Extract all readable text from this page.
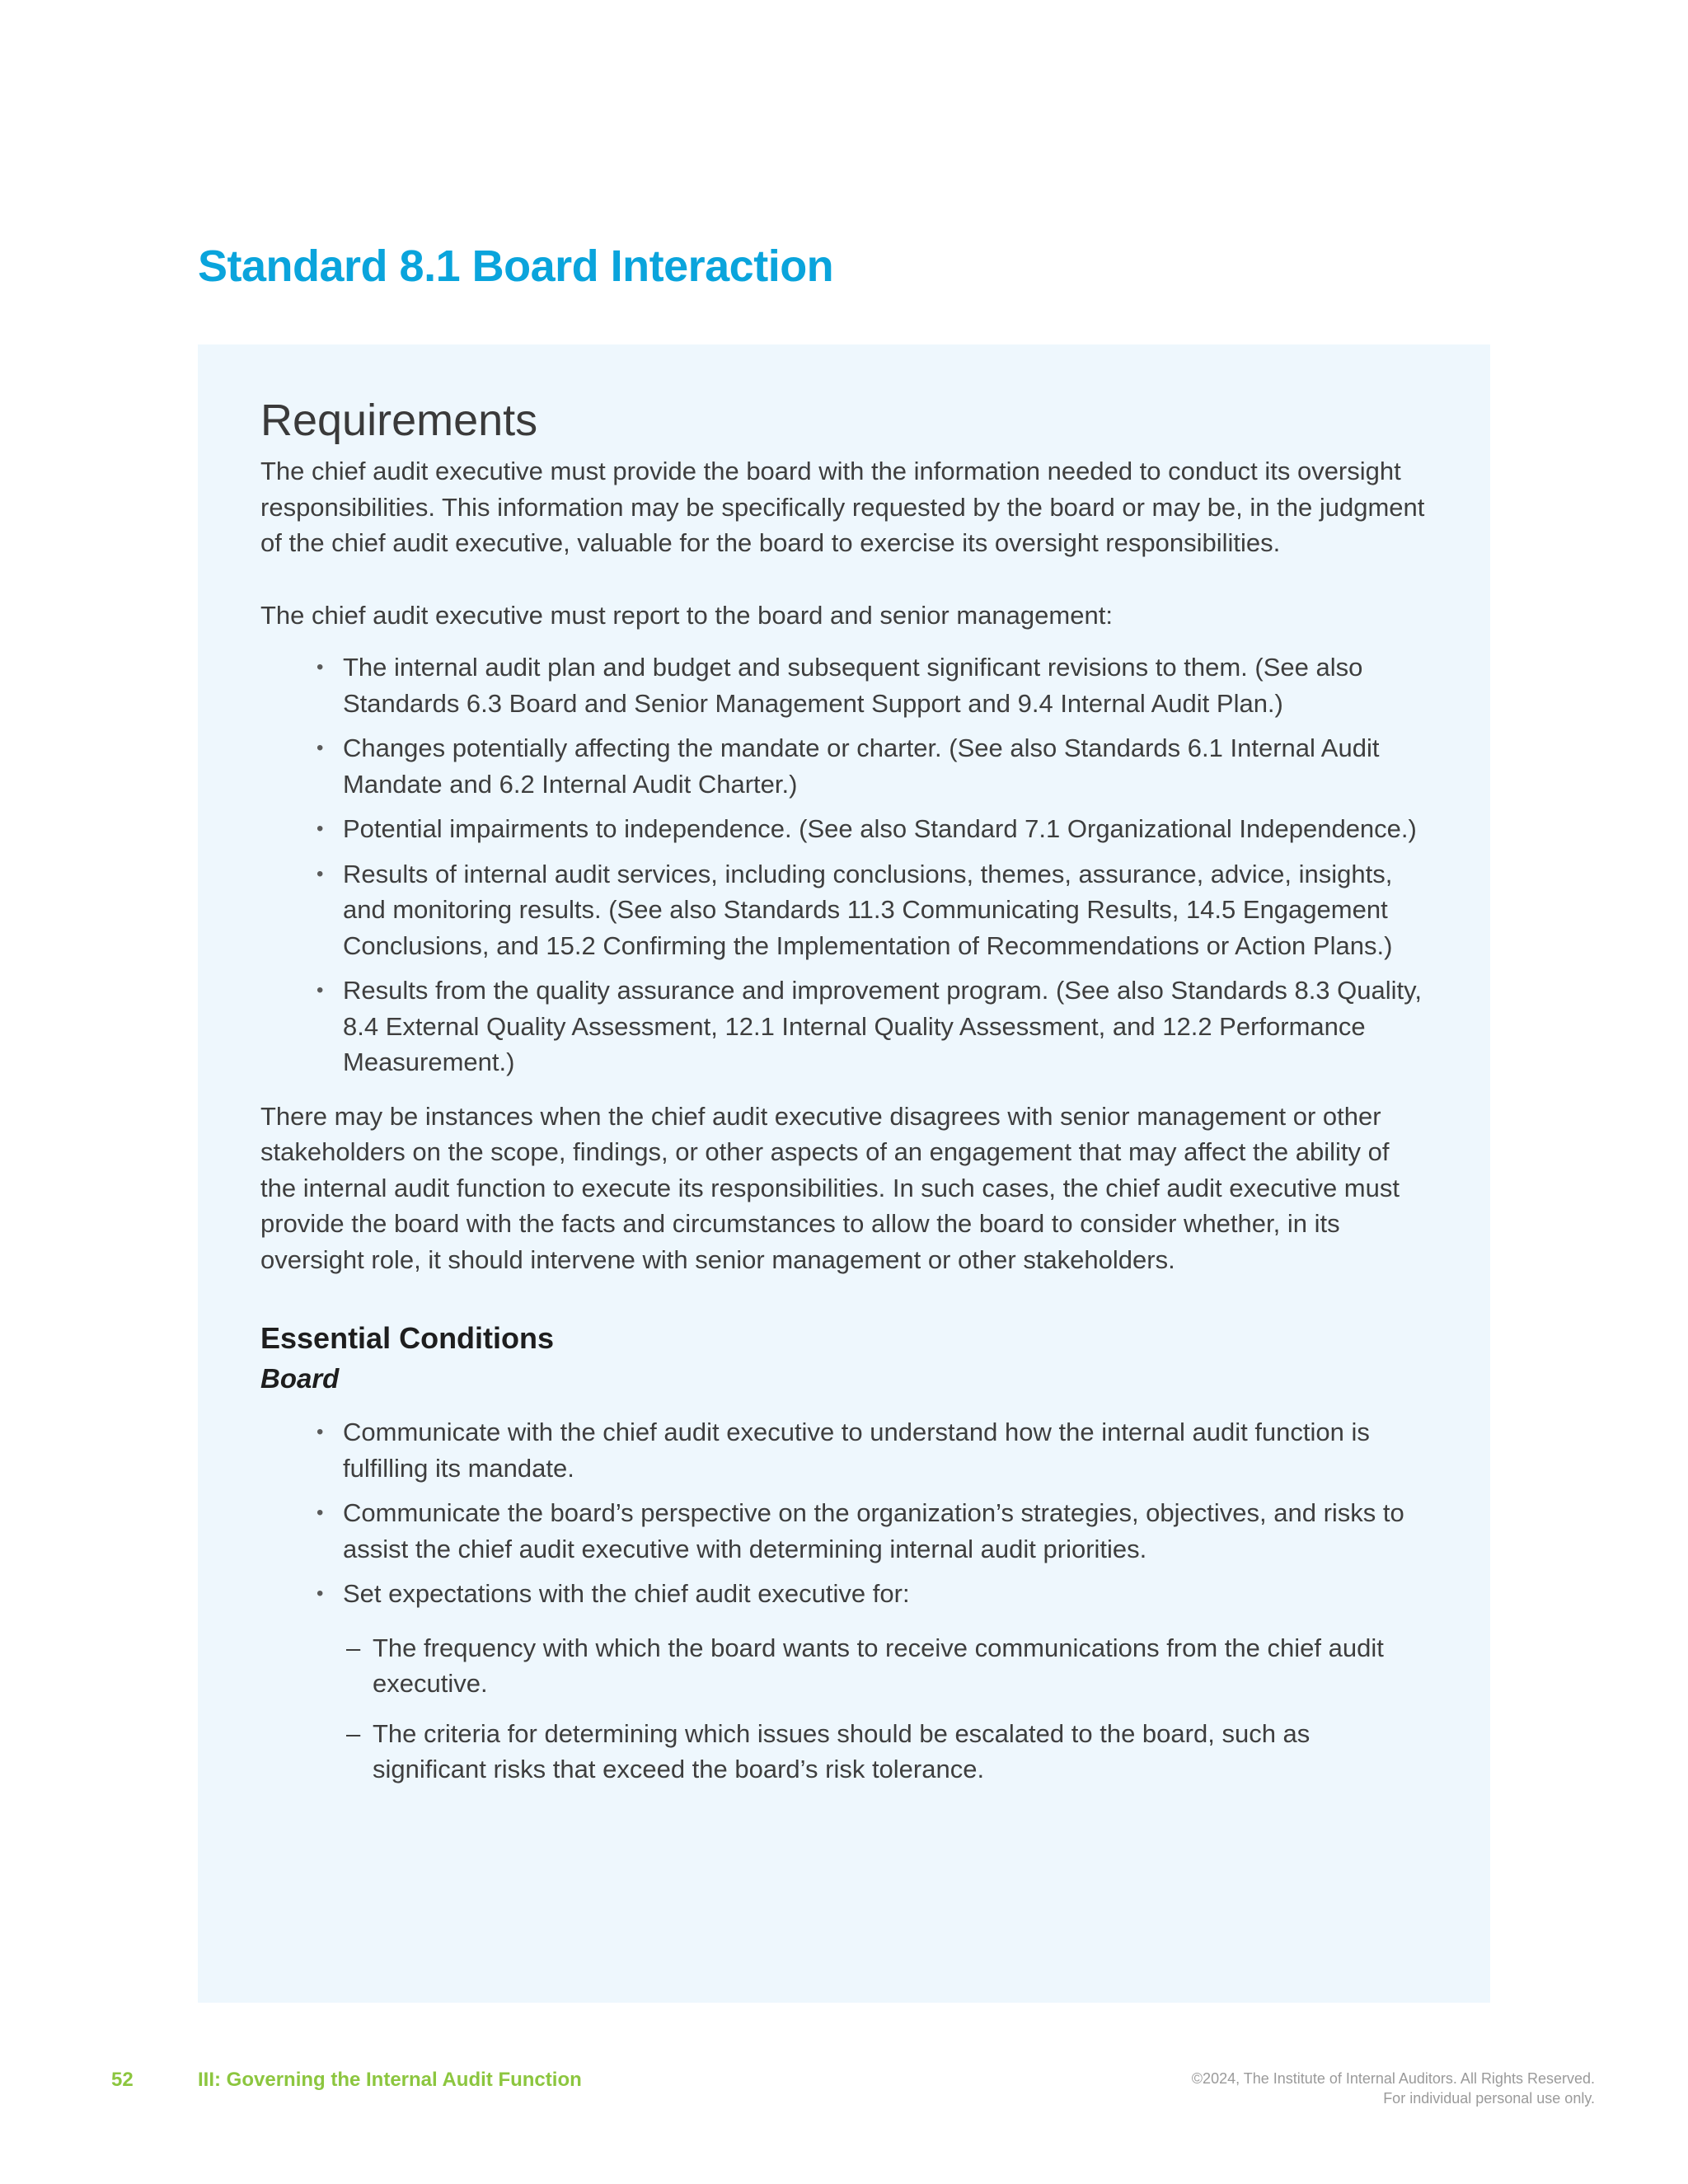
Standard 8.1 Board Interaction
Requirements

The chief audit executive must provide the board with the information needed to conduct its oversight responsibilities. This information may be specifically requested by the board or may be, in the judgment of the chief audit executive, valuable for the board to exercise its oversight responsibilities.

The chief audit executive must report to the board and senior management:

• The internal audit plan and budget and subsequent significant revisions to them. (See also Standards 6.3 Board and Senior Management Support and 9.4 Internal Audit Plan.)
• Changes potentially affecting the mandate or charter. (See also Standards 6.1 Internal Audit Mandate and 6.2 Internal Audit Charter.)
• Potential impairments to independence. (See also Standard 7.1 Organizational Independence.)
• Results of internal audit services, including conclusions, themes, assurance, advice, insights, and monitoring results. (See also Standards 11.3 Communicating Results, 14.5 Engagement Conclusions, and 15.2 Confirming the Implementation of Recommendations or Action Plans.)
• Results from the quality assurance and improvement program. (See also Standards 8.3 Quality, 8.4 External Quality Assessment, 12.1 Internal Quality Assessment, and 12.2 Performance Measurement.)

There may be instances when the chief audit executive disagrees with senior management or other stakeholders on the scope, findings, or other aspects of an engagement that may affect the ability of the internal audit function to execute its responsibilities. In such cases, the chief audit executive must provide the board with the facts and circumstances to allow the board to consider whether, in its oversight role, it should intervene with senior management or other stakeholders.

Essential Conditions
Board
• Communicate with the chief audit executive to understand how the internal audit function is fulfilling its mandate.
• Communicate the board’s perspective on the organization’s strategies, objectives, and risks to assist the chief audit executive with determining internal audit priorities.
• Set expectations with the chief audit executive for:
– The frequency with which the board wants to receive communications from the chief audit executive.
– The criteria for determining which issues should be escalated to the board, such as significant risks that exceed the board’s risk tolerance.

52	III: Governing the Internal Audit Function	©2024, The Institute of Internal Auditors. All Rights Reserved.
For individual personal use only.
